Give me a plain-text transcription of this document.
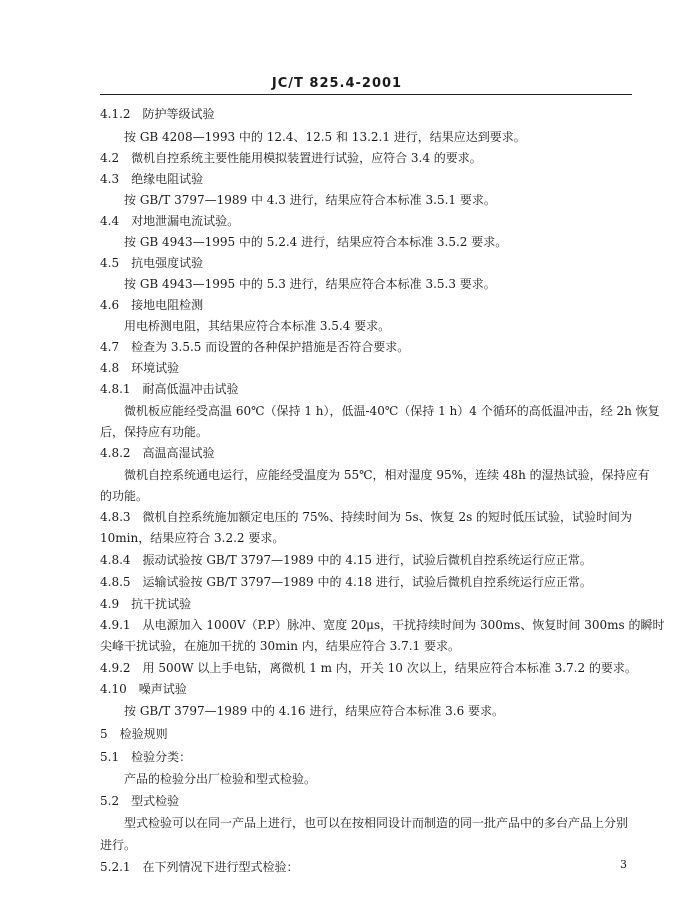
JC/T 825.4-2001
4.1.2　防护等级试验
按 GB 4208—1993 中的 12.4、12.5 和 13.2.1 进行，结果应达到要求。
4.2　微机自控系统主要性能用模拟装置进行试验，应符合 3.4 的要求。
4.3　绝缘电阻试验
按 GB/T 3797—1989 中 4.3 进行，结果应符合本标准 3.5.1 要求。
4.4　对地泄漏电流试验。
按 GB 4943—1995 中的 5.2.4 进行，结果应符合本标准 3.5.2 要求。
4.5　抗电强度试验
按 GB 4943—1995 中的 5.3 进行，结果应符合本标准 3.5.3 要求。
4.6　接地电阻检测
用电桥测电阻，其结果应符合本标准 3.5.4 要求。
4.7　检查为 3.5.5 而设置的各种保护措施是否符合要求。
4.8　环境试验
4.8.1　耐高低温冲击试验
微机板应能经受高温 60℃（保持 1 h），低温-40℃（保持 1 h）4 个循环的高低温冲击，经 2h 恢复
后，保持应有功能。
4.8.2　高温高湿试验
微机自控系统通电运行，应能经受温度为 55℃，相对湿度 95%，连续 48h 的湿热试验，保持应有
的功能。
4.8.3　微机自控系统施加额定电压的 75%、持续时间为 5s、恢复 2s 的短时低压试验，试验时间为
10min，结果应符合 3.2.2 要求。
4.8.4　振动试验按 GB/T 3797—1989 中的 4.15 进行，试验后微机自控系统运行应正常。
4.8.5　运输试验按 GB/T 3797—1989 中的 4.18 进行，试验后微机自控系统运行应正常。
4.9　抗干扰试验
4.9.1　从电源加入 1000V（P.P）脉冲、宽度 20μs，干扰持续时间为 300ms、恢复时间 300ms 的瞬时
尖峰干扰试验，在施加干扰的 30min 内，结果应符合 3.7.1 要求。
4.9.2　用 500W 以上手电钻，离微机 1 m 内，开关 10 次以上，结果应符合本标准 3.7.2 的要求。
4.10　噪声试验
按 GB/T 3797—1989 中的 4.16 进行，结果应符合本标准 3.6 要求。
5　检验规则
5.1　检验分类：
产品的检验分出厂检验和型式检验。
5.2　型式检验
型式检验可以在同一产品上进行，也可以在按相同设计而制造的同一批产品中的多台产品上分别
进行。
5.2.1　在下列情况下进行型式检验：	3
